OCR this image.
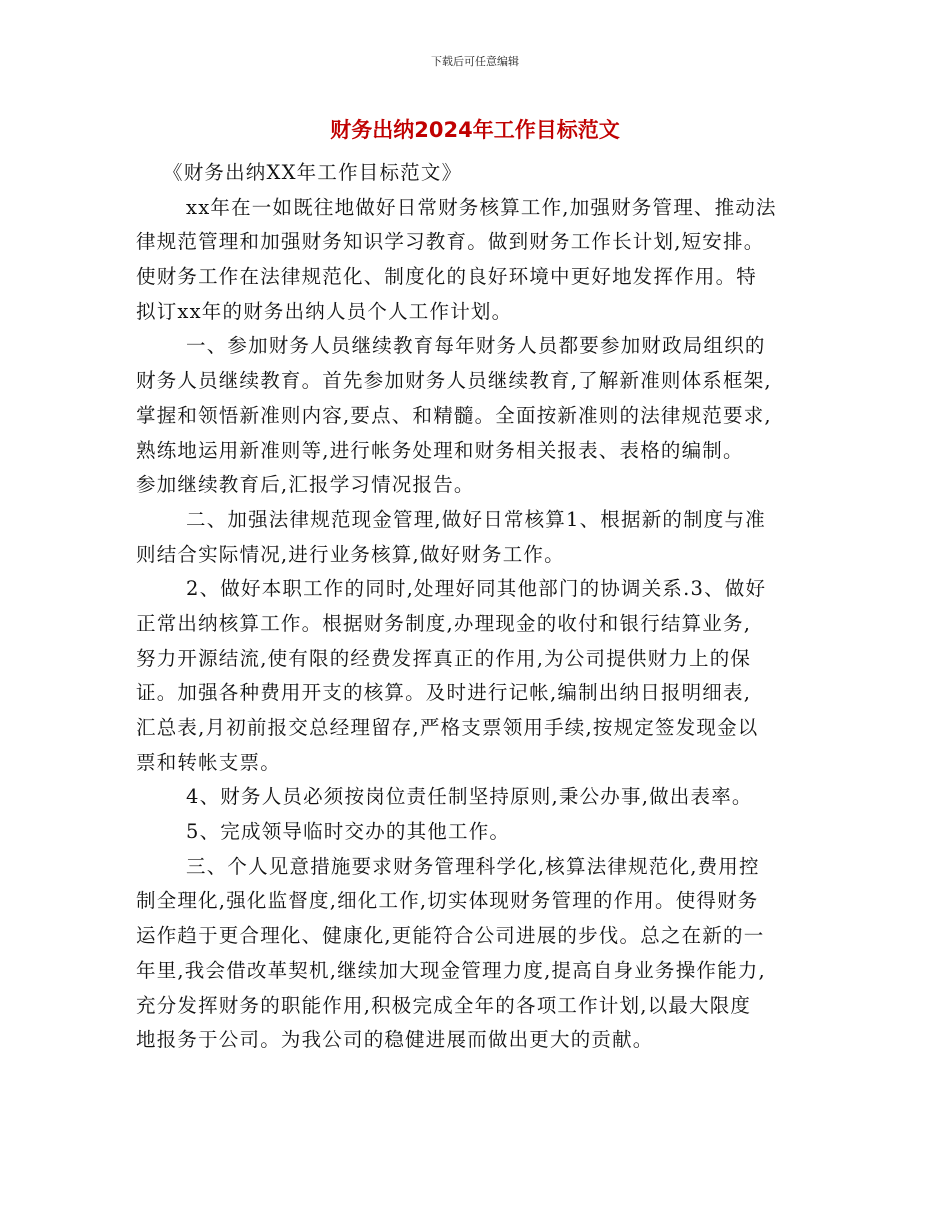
下载后可任意编辑
财务出纳2024年工作目标范文
《财务出纳XX年工作目标范文》
xx年在一如既往地做好日常财务核算工作,加强财务管理、推动法
律规范管理和加强财务知识学习教育。做到财务工作长计划,短安排。
使财务工作在法律规范化、制度化的良好环境中更好地发挥作用。特
拟订xx年的财务出纳人员个人工作计划。
一、参加财务人员继续教育每年财务人员都要参加财政局组织的
财务人员继续教育。首先参加财务人员继续教育,了解新准则体系框架,
掌握和领悟新准则内容,要点、和精髓。全面按新准则的法律规范要求,
熟练地运用新准则等,进行帐务处理和财务相关报表、表格的编制。
参加继续教育后,汇报学习情况报告。
二、加强法律规范现金管理,做好日常核算1、根据新的制度与准
则结合实际情况,进行业务核算,做好财务工作。
2、做好本职工作的同时,处理好同其他部门的协调关系.3、做好
正常出纳核算工作。根据财务制度,办理现金的收付和银行结算业务,
努力开源结流,使有限的经费发挥真正的作用,为公司提供财力上的保
证。加强各种费用开支的核算。及时进行记帐,编制出纳日报明细表,
汇总表,月初前报交总经理留存,严格支票领用手续,按规定签发现金以
票和转帐支票。
4、财务人员必须按岗位责任制坚持原则,秉公办事,做出表率。
5、完成领导临时交办的其他工作。
三、个人见意措施要求财务管理科学化,核算法律规范化,费用控
制全理化,强化监督度,细化工作,切实体现财务管理的作用。使得财务
运作趋于更合理化、健康化,更能符合公司进展的步伐。总之在新的一
年里,我会借改革契机,继续加大现金管理力度,提高自身业务操作能力,
充分发挥财务的职能作用,积极完成全年的各项工作计划,以最大限度
地报务于公司。为我公司的稳健进展而做出更大的贡献。
